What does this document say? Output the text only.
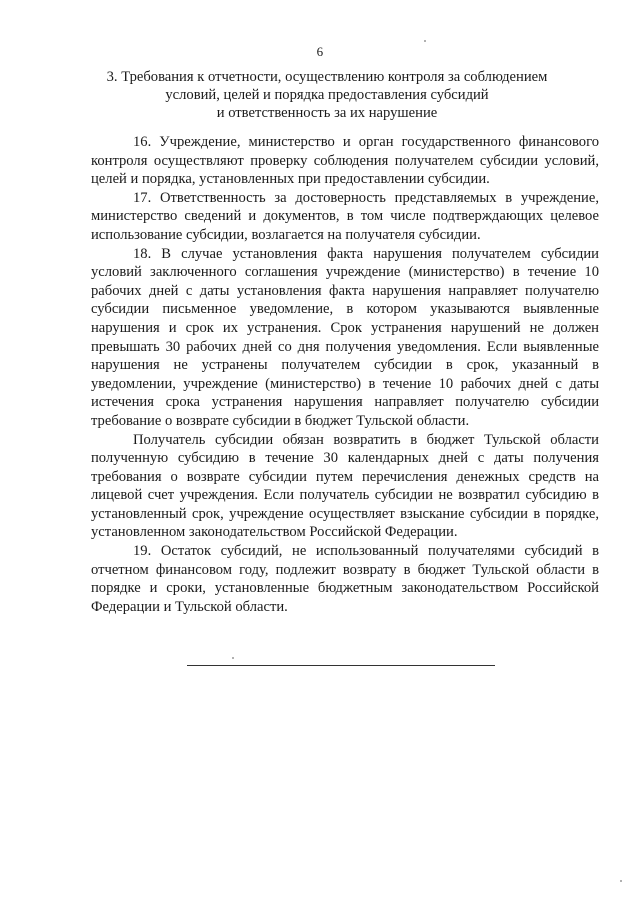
6
3. Требования к отчетности, осуществлению контроля за соблюдением
условий, целей и порядка предоставления субсидий
и ответственность за их нарушение

16. Учреждение, министерство и орган государственного финансового контроля осуществляют проверку соблюдения получателем субсидии условий, целей и порядка, установленных при предоставлении субсидии.

17. Ответственность за достоверность представляемых в учреждение, министерство сведений и документов, в том числе подтверждающих целевое использование субсидии, возлагается на получателя субсидии.

18. В случае установления факта нарушения получателем субсидии условий заключенного соглашения учреждение (министерство) в течение 10 рабочих дней с даты установления факта нарушения направляет получателю субсидии письменное уведомление, в котором указываются выявленные нарушения и срок их устранения. Срок устранения нарушений не должен превышать 30 рабочих дней со дня получения уведомления. Если выявленные нарушения не устранены получателем субсидии в срок, указанный в уведомлении, учреждение (министерство) в течение 10 рабочих дней с даты истечения срока устранения нарушения направляет получателю субсидии требование о возврате субсидии в бюджет Тульской области.

Получатель субсидии обязан возвратить в бюджет Тульской области полученную субсидию в течение 30 календарных дней с даты получения требования о возврате субсидии путем перечисления денежных средств на лицевой счет учреждения. Если получатель субсидии не возвратил субсидию в установленный срок, учреждение осуществляет взыскание субсидии в порядке, установленном законодательством Российской Федерации.

19. Остаток субсидий, не использованный получателями субсидий в отчетном финансовом году, подлежит возврату в бюджет Тульской области в порядке и сроки, установленные бюджетным законодательством Российской Федерации и Тульской области.
